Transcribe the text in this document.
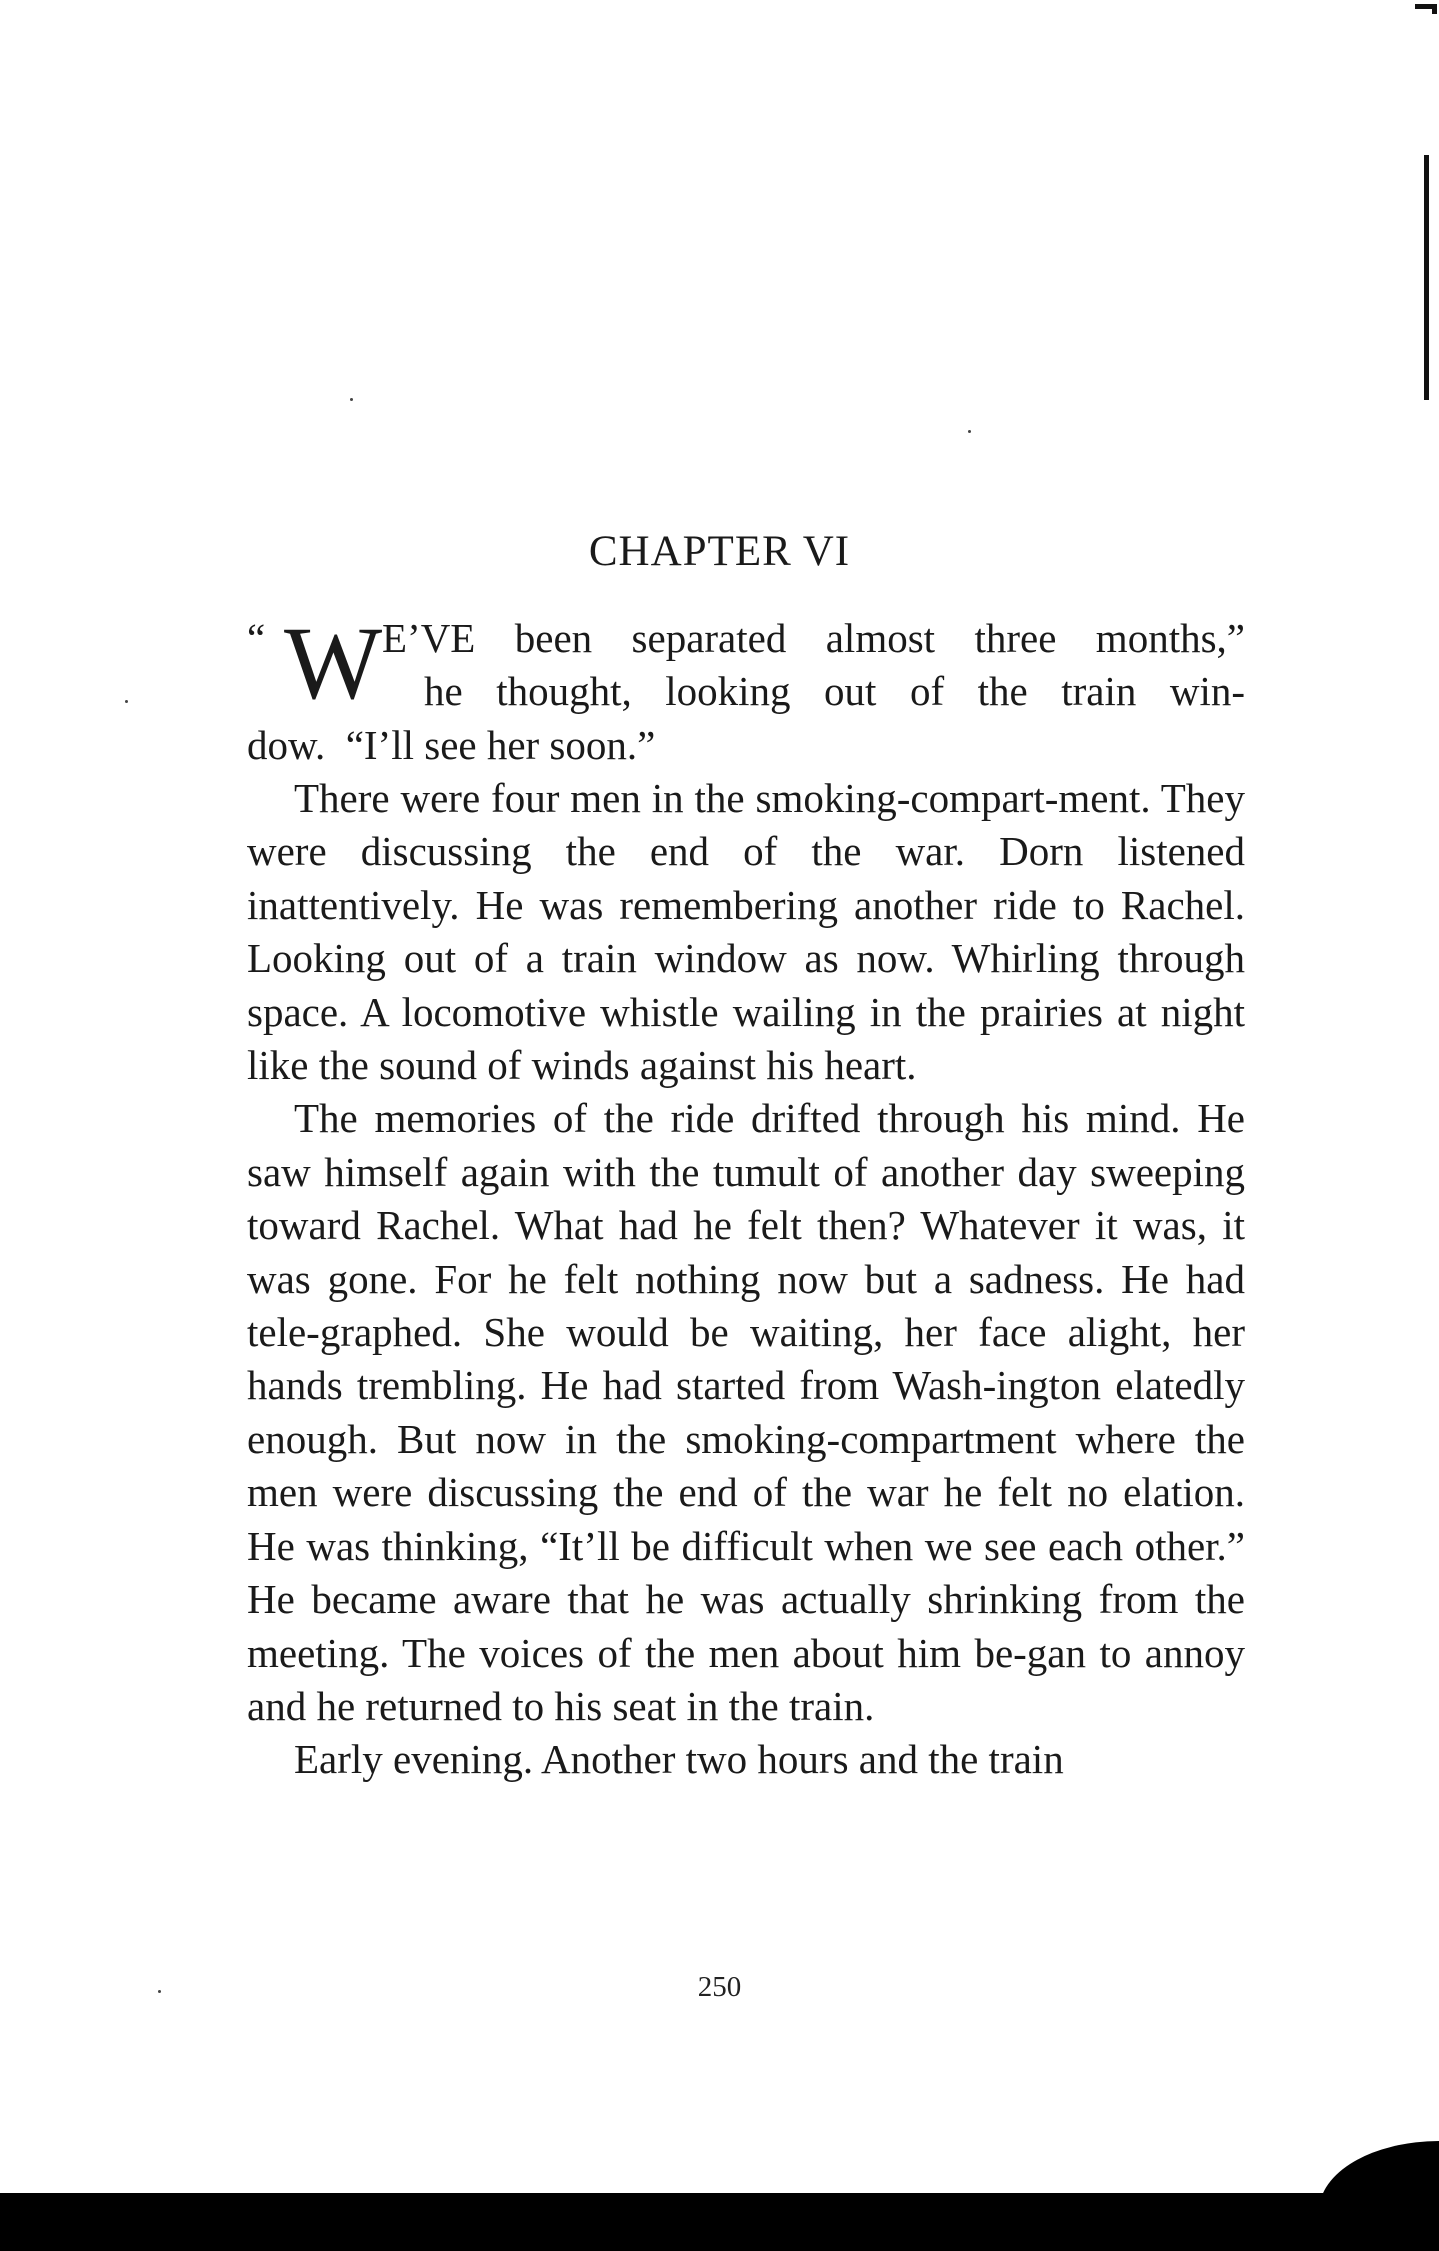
CHAPTER VI
“ W E’VE been separated almost three months,”
he thought, looking out of the train win-
dow.  “I’ll see her soon.”

There were four men in the smoking-compart-ment. They were discussing the end of the war. Dorn listened inattentively. He was remembering another ride to Rachel. Looking out of a train window as now. Whirling through space. A locomotive whistle wailing in the prairies at night like the sound of winds against his heart.

The memories of the ride drifted through his mind. He saw himself again with the tumult of another day sweeping toward Rachel. What had he felt then? Whatever it was, it was gone. For he felt nothing now but a sadness. He had tele-graphed. She would be waiting, her face alight, her hands trembling. He had started from Wash-ington elatedly enough. But now in the smoking-compartment where the men were discussing the end of the war he felt no elation. He was thinking, “It’ll be difficult when we see each other.” He became aware that he was actually shrinking from the meeting. The voices of the men about him be-gan to annoy and he returned to his seat in the train.

Early evening. Another two hours and the train

250
